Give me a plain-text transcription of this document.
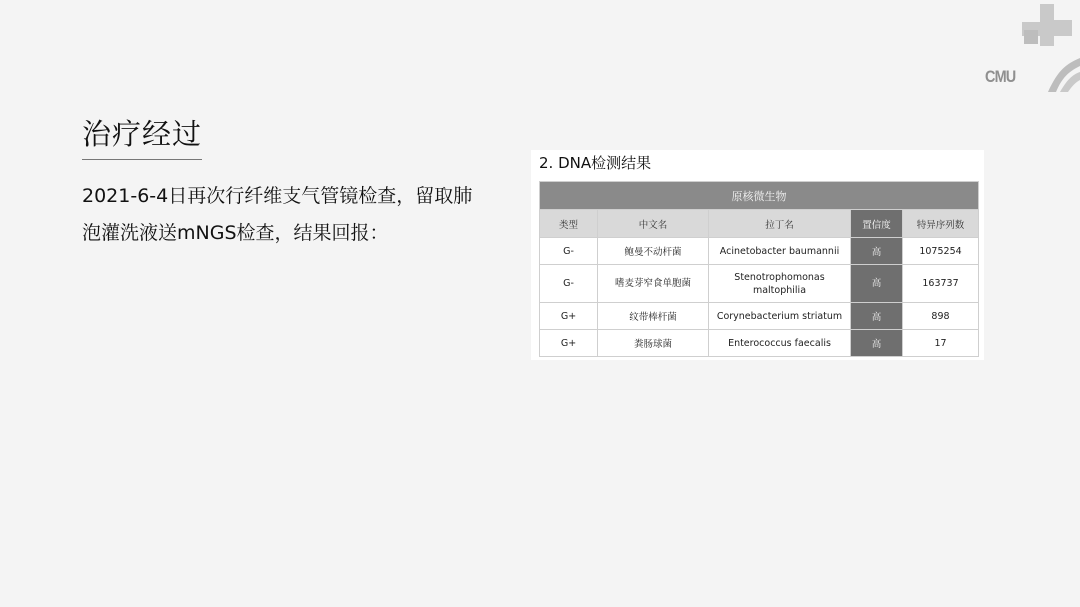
治疗经过
2021-6-4日再次行纤维支气管镜检查，留取肺泡灌洗液送mNGS检查，结果回报：
CMU
2. DNA检测结果
原核微生物				
类型	中文名	拉丁名	置信度	特异序列数
G-	鲍曼不动杆菌	Acinetobacter baumannii	高	1075254
G-	嗜麦芽窄食单胞菌	Stenotrophomonas maltophilia	高	163737
G+	纹带棒杆菌	Corynebacterium striatum	高	898
G+	粪肠球菌	Enterococcus faecalis	高	17
